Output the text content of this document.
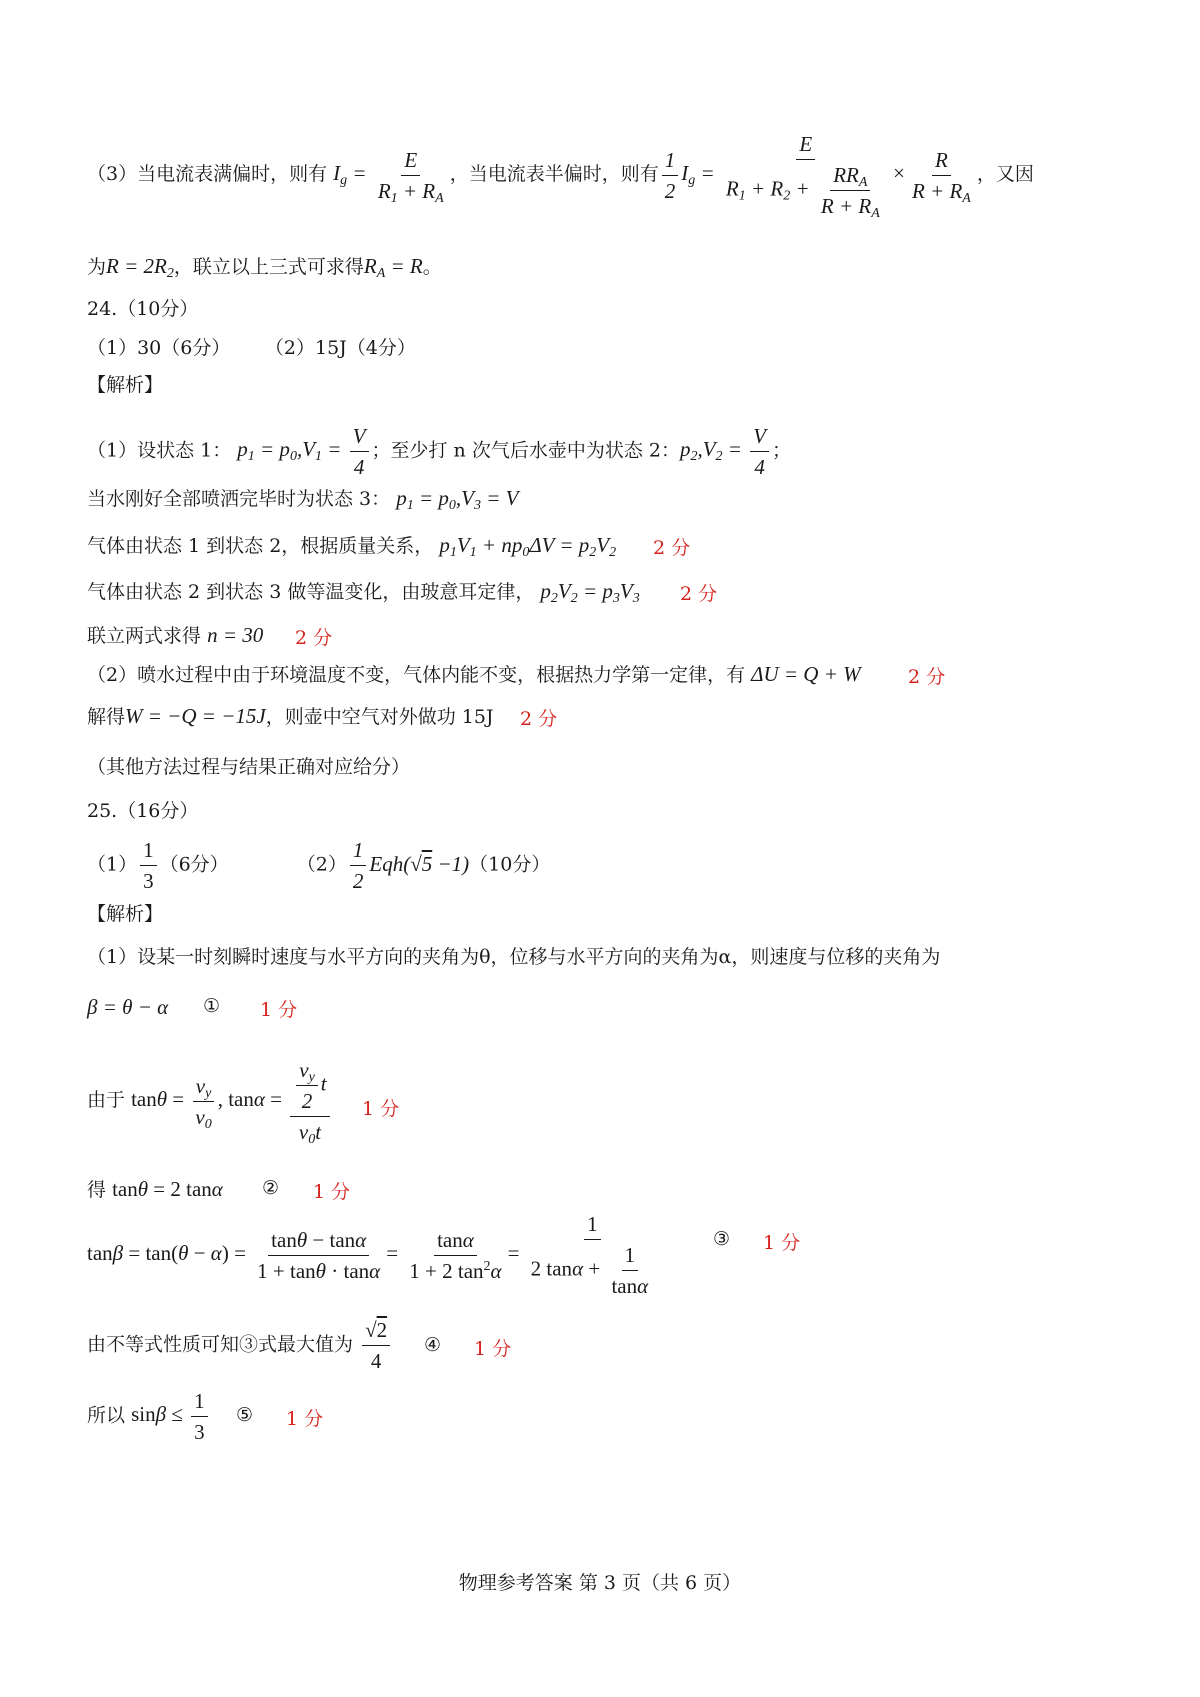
（3）当电流表满偏时，则有 $I_g = \frac{E}{R_1 + R_A}$ ，当电流表半偏时，则有 $\frac{1}{2} I_g = \frac{E}{R_1 + R_2 + \frac{RR_A}{R + R_A}} \times \frac{R}{R + R_A}$ ，又因
为$R = 2R_2$，联立以上三式可求得$R_A = R$。
24.（10分）
（1）30（6分）　　 （2）15J（4分）
【解析】
（1）设状态 1： $p_1 = p_0,V_1 = \frac{V}{4}$ ；至少打 n 次气后水壶中为状态 2：$p_2,V_2 = \frac{V}{4}$ ；
当水刚好全部喷洒完毕时为状态 3： $p_1 = p_0,V_3 = V$
气体由状态 1 到状态 2，根据质量关系， $p_1V_1 + np_0\Delta V = p_2V_2$ 2 分
气体由状态 2 到状态 3 做等温变化，由玻意耳定律， $p_2V_2 = p_3V_3$ 2 分
联立两式求得 n = 30 2 分
（2）喷水过程中由于环境温度不变，气体内能不变，根据热力学第一定律，有 ΔU = Q + W 2 分
解得W = −Q = −15J，则壶中空气对外做功 15J 2 分
（其他方法过程与结果正确对应给分）
25.（16分）
$(1) \frac{1}{3} (6$分）	$(2) \frac{1}{2} Eqh(√5 -1)(10$分）
【解析】
（1）设某一时刻瞬时速度与水平方向的夹角为θ，位移与水平方向的夹角为α，则速度与位移的夹角为
β = θ − α ① 1 分
由于 $\tan\theta = \frac{v_y}{v_0}$ , $\tan\alpha = \frac{\frac{v_y}{2} t}{v_0t} 1$ 分
得 tanθ = 2 tanα ② 1 分
$\tan\beta = \tan(\theta - \alpha) = \frac{\tan\theta - \tan\alpha}{1 + \tan\theta \cdot \tan\alpha} = \frac{\tan\alpha}{1 + 2 \tan^2\alpha} = \frac{1}{2 \tan\alpha + \frac{1}{\tan\alpha}}$	③ 1 分
由不等式性质可知③式最大值为 $\frac{√2}{4}$ ④ 1 分
所以 $\sin\beta \le \frac{1}{3}$ ⑤ 1 分
物理参考答案 第 3 页（共 6 页）
